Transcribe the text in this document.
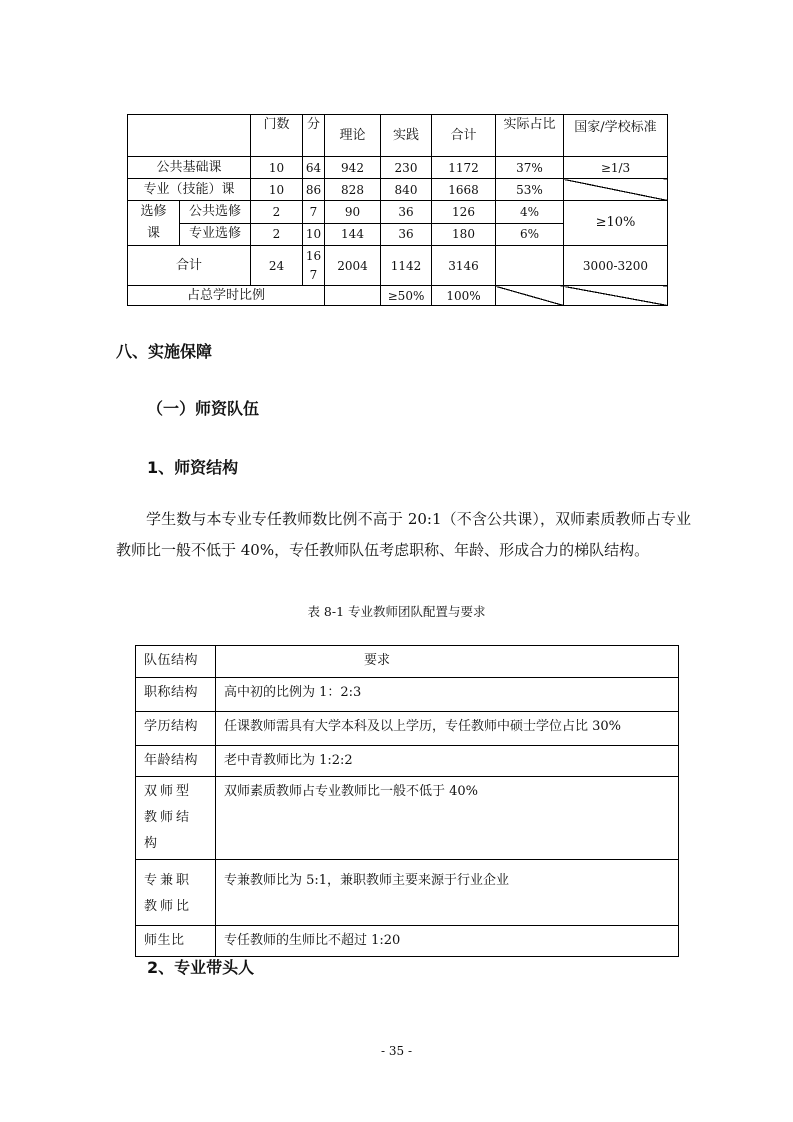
		门数	分	理论	实践	合计	实际占比	国家/学校标准
公共基础课		10	64	942	230	1172	37%	≥1/3
专业（技能）课		10	86	828	840	1668	53%	
选修课	公共选修	2	7	90	36	126	4%	≥10%
	专业选修	2	10	144	36	180	6%	
合计		24	167	2004	1142	3146		3000-3200
占总学时比例					≥50%	100%		
八、实施保障
（一）师资队伍
1、师资结构
学生数与本专业专任教师数比例不高于 20:1（不含公共课），双师素质教师占专业教师比一般不低于 40%，专任教师队伍考虑职称、年龄、形成合力的梯队结构。
表 8-1 专业教师团队配置与要求
队伍结构	要求
职称结构	高中初的比例为 1：2:3
学历结构	任课教师需具有大学本科及以上学历，专任教师中硕士学位占比 30%
年龄结构	老中青教师比为 1:2:2
双师型教师结构	双师素质教师占专业教师比一般不低于 40%
专兼职教师比	专兼教师比为 5:1，兼职教师主要来源于行业企业
师生比	专任教师的生师比不超过 1:20
2、专业带头人
- 35 -
